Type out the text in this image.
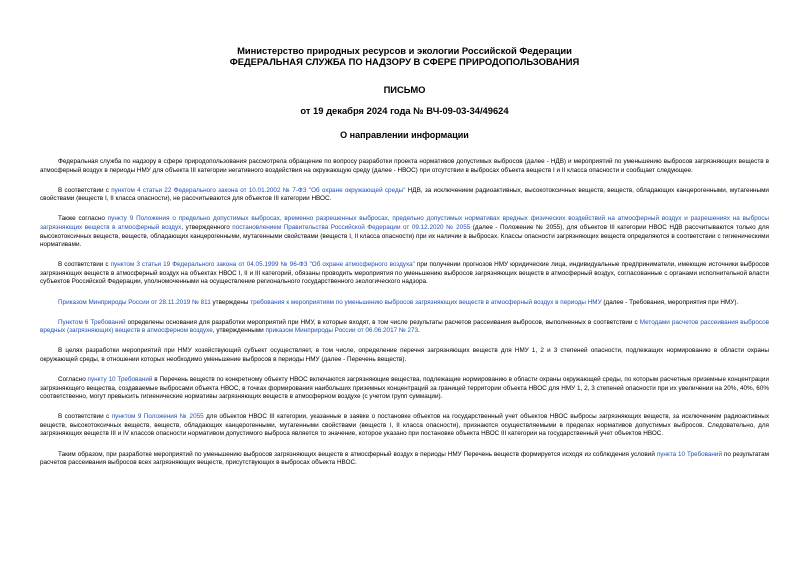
Министерство природных ресурсов и экологии Российской Федерации
ФЕДЕРАЛЬНАЯ СЛУЖБА ПО НАДЗОРУ В СФЕРЕ ПРИРОДОПОЛЬЗОВАНИЯ
ПИСЬМО
от 19 декабря 2024 года № ВЧ-09-03-34/49624
О направлении информации

Федеральная служба по надзору в сфере природопользования рассмотрела обращение по вопросу разработки проекта нормативов допустимых выбросов (далее - НДВ) и мероприятий по уменьшению выбросов загрязняющих веществ в атмосферный воздух в периоды НМУ для объекта III категории негативного воздействия на окружающую среду (далее - НВОС) при отсутствии в выбросах объекта веществ I и II класса опасности и сообщает следующее.

В соответствии с пунктом 4 статьи 22 Федерального закона от 10.01.2002 № 7-ФЗ "Об охране окружающей среды" НДВ, за исключением радиоактивных, высокотоксичных веществ, веществ, обладающих канцерогенными, мутагенными свойствами (веществ I, II класса опасности), не рассчитываются для объектов III категории НВОС.

Также согласно пункту 9 Положения о предельно допустимых выбросах, временно разрешенных выбросах, предельно допустимых нормативах вредных физических воздействий на атмосферный воздух и разрешениях на выбросы загрязняющих веществ в атмосферный воздух, утвержденного постановлением Правительства Российской Федерации от 09.12.2020 № 2055 (далее - Положение № 2055), для объектов III категории НВОС НДВ рассчитываются только для высокотоксичных веществ, веществ, обладающих канцерогенными, мутагенными свойствами (веществ I, II класса опасности) при их наличии в выбросах. Классы опасности загрязняющих веществ определяются в соответствии с гигиеническими нормативами.

В соответствии с пунктом 3 статьи 19 Федерального закона от 04.05.1999 № 96-ФЗ "Об охране атмосферного воздуха" при получении прогнозов НМУ юридические лица, индивидуальные предприниматели, имеющие источники выбросов загрязняющих веществ в атмосферный воздух на объектах НВОС I, II и III категорий, обязаны проводить мероприятия по уменьшению выбросов загрязняющих веществ в атмосферный воздух, согласованные с органами исполнительной власти субъектов Российской Федерации, уполномоченными на осуществление регионального государственного экологического надзора.

Приказом Минприроды России от 28.11.2019 № 811 утверждены требования к мероприятиям по уменьшению выбросов загрязняющих веществ в атмосферный воздух в периоды НМУ (далее - Требования, мероприятия при НМУ).

Пунктом 6 Требований определены основания для разработки мероприятий при НМУ, в которые входят, в том числе результаты расчетов рассеивания выбросов, выполненных в соответствии с Методами расчетов рассеивания выбросов вредных (загрязняющих) веществ в атмосферном воздухе, утвержденными приказом Минприроды России от 06.06.2017 № 273.

В целях разработки мероприятий при НМУ хозяйствующий субъект осуществляет, в том числе, определение перечня загрязняющих веществ для НМУ 1, 2 и 3 степеней опасности, подлежащих нормированию в области охраны окружающей среды, в отношении которых необходимо уменьшение выбросов в периоды НМУ (далее - Перечень веществ).

Согласно пункту 10 Требований в Перечень веществ по конкретному объекту НВОС включаются загрязняющие вещества, подлежащие нормированию в области охраны окружающей среды, по которым расчетные приземные концентрации загрязняющего вещества, создаваемые выбросами объекта НВОС, в точках формирования наибольших приземных концентраций за границей территории объекта НВОС для НМУ 1, 2, 3 степеней опасности при их увеличении на 20%, 40%, 60% соответственно, могут превысить гигиенические нормативы загрязняющих веществ в атмосферном воздухе (с учетом групп суммации).

В соответствии с пунктом 9 Положения № 2055 для объектов НВОС III категории, указанные в заявке о постановке объектов на государственный учет объектов НВОС выбросы загрязняющих веществ, за исключением радиоактивных веществ, высокотоксичных веществ, веществ, обладающих канцерогенными, мутагенными свойствами (веществ I, II класса опасности), признаются осуществляемыми в пределах нормативов допустимых выбросов. Следовательно, для загрязняющих веществ III и IV классов опасности нормативом допустимого выброса является то значение, которое указано при постановке объекта НВОС III категории на государственный учет объектов НВОС.

Таким образом, при разработке мероприятий по уменьшению выбросов загрязняющих веществ в атмосферный воздух в периоды НМУ Перечень веществ формируется исходя из соблюдения условий пункта 10 Требований по результатам расчетов рассеивания выбросов всех загрязняющих веществ, присутствующих в выбросах объекта НВОС.
